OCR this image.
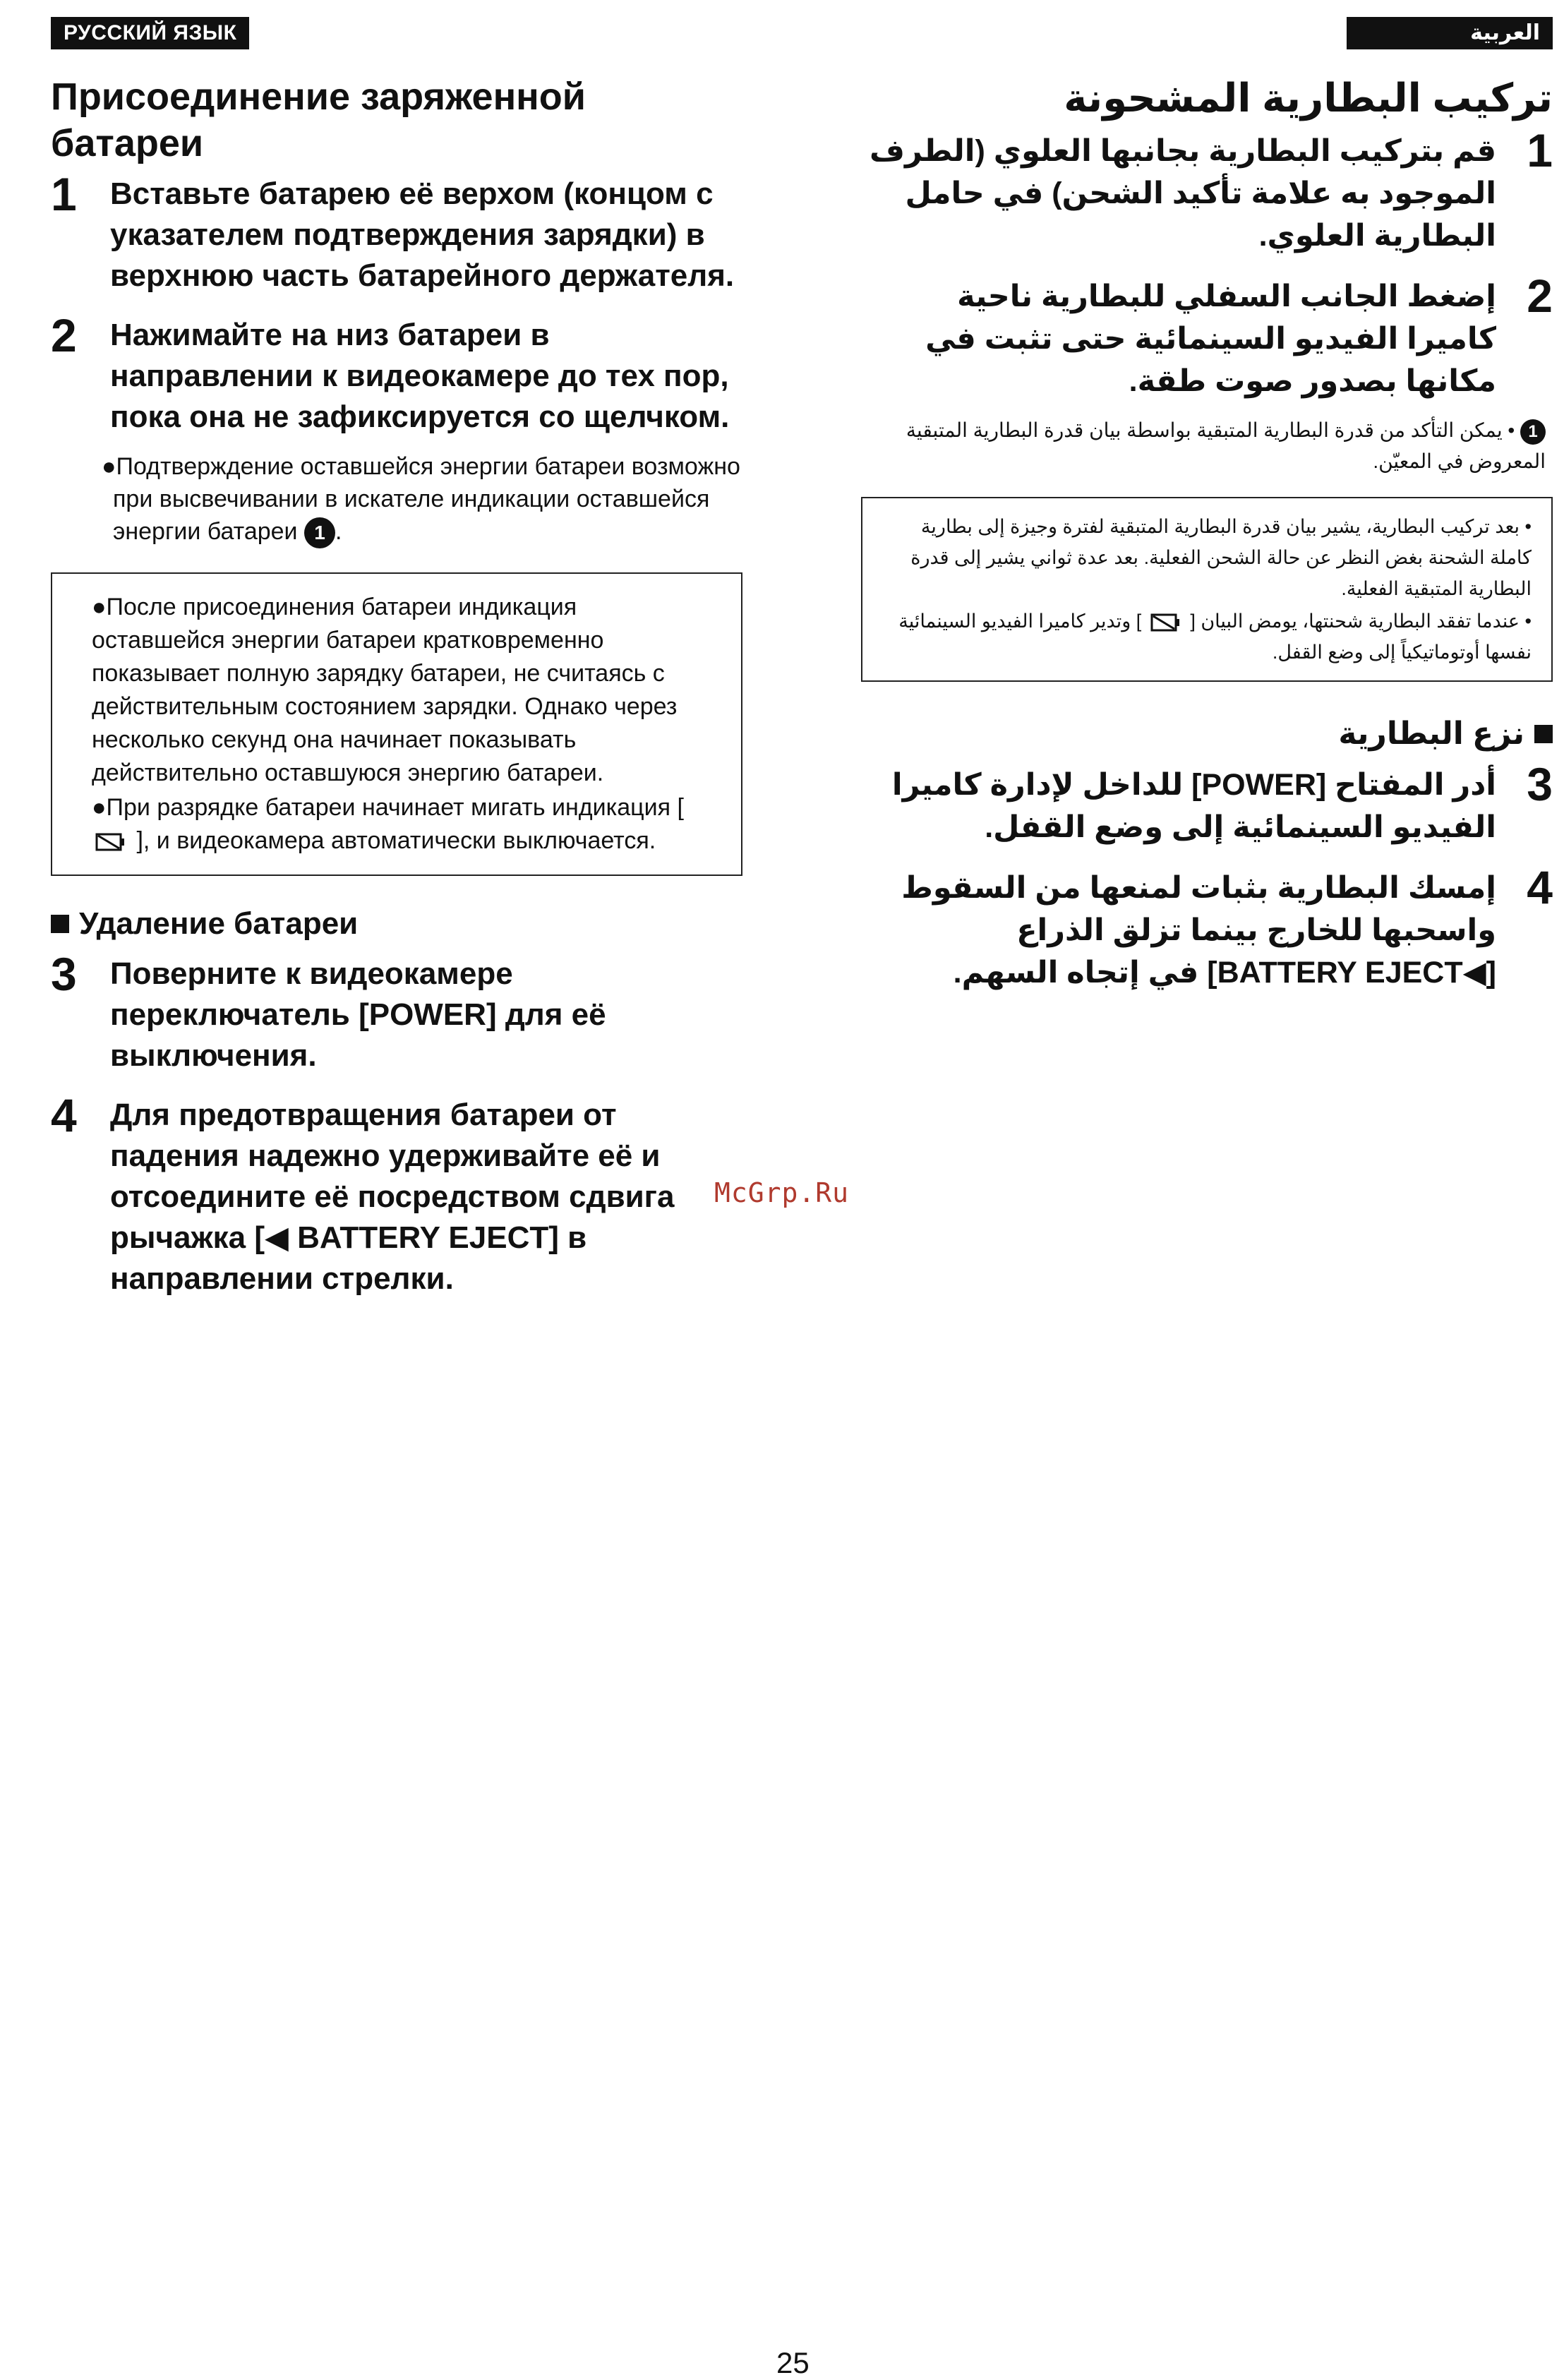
РУССКИЙ ЯЗЫК	العربية
Присоединение заряженной батареи
1 Вставьте батарею её верхом (концом с указателем подтверждения зарядки) в верхнюю часть батарейного держателя.
2 Нажимайте на низ батареи в направлении к видеокамере до тех пор, пока она не зафиксируется со щелчком.
●Подтверждение оставшейся энергии батареи возможно при высвечивании в искателе индикации оставшейся энергии батареи 1 .

●После присоединения батареи индикация оставшейся энергии батареи кратковременно показывает полную зарядку батареи, не считаясь с действительным состоянием зарядки. Однако через несколько секунд она начинает показывать действительно оставшуюся энергию батареи.

●При разрядке батареи начинает мигать индикация [  ], и видеокамера автоматически выключается.

Удаление батареи
3 Поверните к видеокамере переключатель [POWER] для её выключения.
4 Для предотвращения батареи от падения надежно удерживайте её и отсоедините её посредством сдвига рычажка [◀ BATTERY EJECT] в направлении стрелки.
تركيب البطارية المشحونة
1
قم بتركيب البطارية بجانبها العلوي (الطرف الموجود به علامة تأكيد الشحن) في حامل البطارية العلوي.
2
إضغط الجانب السفلي للبطارية ناحية كاميرا الفيديو السينمائية حتى تثبت في مكانها بصدور صوت طقة.
1 • يمكن التأكد من قدرة البطارية المتبقية بواسطة بيان قدرة البطارية المتبقية المعروض في المعيّن.

• بعد تركيب البطارية، يشير بيان قدرة البطارية المتبقية لفترة وجيزة إلى بطارية كاملة الشحنة بغض النظر عن حالة الشحن الفعلية. بعد عدة ثواني يشير إلى قدرة البطارية المتبقية الفعلية.

• عندما تفقد البطارية شحنتها، يومض البيان [  ] وتدير كاميرا الفيديو السينمائية نفسها أوتوماتيكياً إلى وضع القفل.

نزع البطارية
3
أدر المفتاح [POWER] للداخل لإدارة كاميرا الفيديو السينمائية إلى وضع القفل.
4
إمسك البطارية بثبات لمنعها من السقوط واسحبها للخارج بينما تزلق الذراع [◀BATTERY EJECT] في إتجاه السهم.
McGrp.Ru
25
